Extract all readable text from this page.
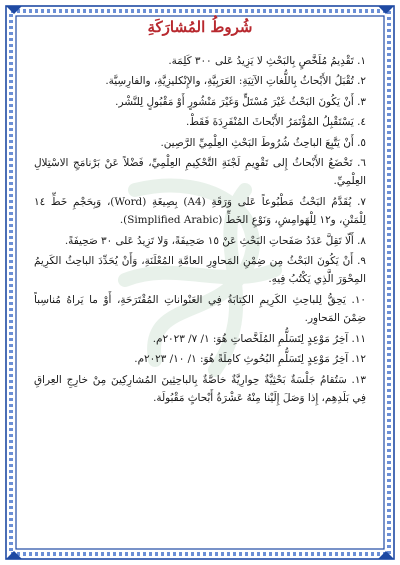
شُروطُ المُشارَكَةِ
١. تَقْدِيمُ مُلَخَّصٍ بِالبَحْثِ لا يَزِيدُ عَلى ٣٠٠ كَلِمَة.
٢. تُقْبَلُ الأَبْحاثُ بِاللُّغاتِ الآتِيَةِ: العَرَبِيَّةِ، والإِنْكليزِيَّةِ، والفارِسِيَّة.
٣. أَنْ يَكُونَ البَحْثُ غَيْرَ مُسْتَلٍّ وَغَيْرَ مَنْشُورٍ أَوْ مَقْبُولٍ لِلنَّشْر.
٤. يَسْتَقْبِلُ المُؤْتَمَرُ الأَبْحاثَ المُنْفَرِدَةَ فَقَطْ.
٥. أَنْ يَتَّبِعَ الباحِثُ شُرُوطَ البَحْثِ العِلْمِيِّ الرَّصِين.
٦. تَخْضَعُ الأَبْحاثُ إِلى تَقْوِيمِ لَجْنَةِ التَّحْكِيمِ العِلْمِيِّ، فَضْلاً عَنْ بَرْنامَجِ الاسْتِلالِ العِلْمِيِّ.
٧. يُقَدَّمُ البَحْثُ مَطْبُوعاً عَلى وَرَقَةِ (A4) بِصِيغَةِ (Word)، وَبِحَجْمِ خَطِّ ١٤ لِلْمَتْنِ، و١٢ لِلْهَوامِشِ، وَنَوْعِ الخَطِّ (Simplified Arabic).
٨. أَلّا تَقِلَّ عَدَدُ صَفَحاتِ البَحْثِ عَنْ ١٥ صَحِيفَةً، وَلا تَزِيدُ عَلى ٣٠ صَحِيفَةً.
٩. أَنْ يَكُونَ البَحْثُ مِن ضِمْنِ المَحاوِرِ العامَّةِ المُعْلَنَةِ، وَأَنْ يُحَدِّدَ الباحِثُ الكَرِيمُ المِحْوَرَ الَّذِي يَكْتُبُ فِيهِ.
١٠. يَحِقُّ لِلباحِثِ الكَرِيمِ الكِتابَةُ فِي العَنْواناتِ المُقْتَرَحَةِ، أَوْ ما يَراهُ مُناسِباً ضِمْنَ المَحاوِر.
١١. آخِرُ مَوْعِدٍ لِتَسَلُّمِ المُلَخَّصاتِ هُوَ: ١/ ٧/ ٢٠٢٣م.
١٢. آخِرُ مَوْعِدٍ لِتَسَلُّمِ البُحُوثِ كامِلَةً هُوَ: ١/ ١٠/ ٢٠٢٣م.
١٣. سَتُقامُ جَلْسَةٌ بَحْثِيَّةٌ حِوارِيَّةٌ خاصَّةٌ بِالباحِثِينَ المُشارِكِينَ مِنْ خارِجِ العِراقِ فِي بَلَدِهِم، إِذا وَصَلَ إِلَيْنا مِنْهُ عَشْرَةُ أَبْحاثٍ مَقْبُولَة.
